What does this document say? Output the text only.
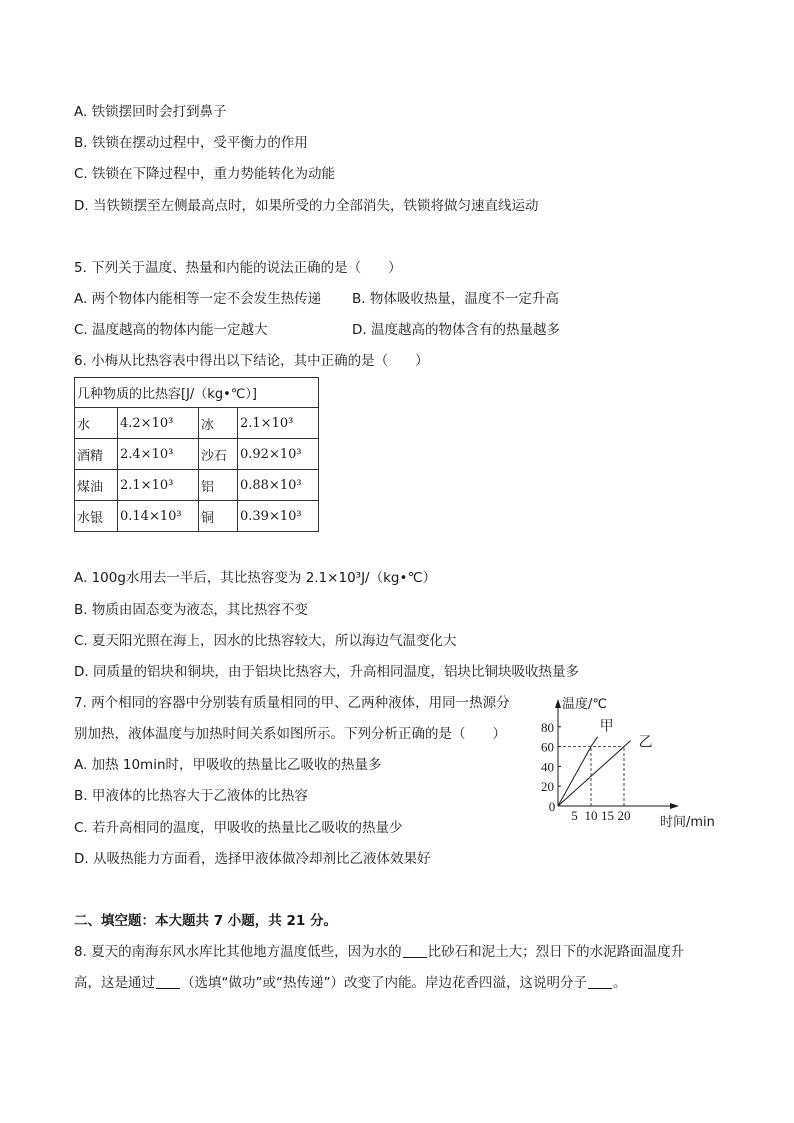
A. 铁锁摆回时会打到鼻子
B. 铁锁在摆动过程中，受平衡力的作用
C. 铁锁在下降过程中，重力势能转化为动能
D. 当铁锁摆至左侧最高点时，如果所受的力全部消失，铁锁将做匀速直线运动
5. 下列关于温度、热量和内能的说法正确的是（　　）
A. 两个物体内能相等一定不会发生热传递 B. 物体吸收热量，温度不一定升高
C. 温度越高的物体内能一定越大	D. 温度越高的物体含有的热量越多
6. 小梅从比热容表中得出以下结论，其中正确的是（　　）
几种物质的比热容[J/（kg•℃）]			
水	4.2×10³	冰	2.1×10³
酒精	2.4×10³	沙石	0.92×10³
煤油	2.1×10³	铝	0.88×10³
水银	0.14×10³	铜	0.39×10³
A. 100g水用去一半后，其比热容变为 2.1×10³J/（kg•℃）
B. 物质由固态变为液态，其比热容不变
C. 夏天阳光照在海上，因水的比热容较大，所以海边气温变化大
D. 同质量的铝块和铜块，由于铝块比热容大，升高相同温度，铝块比铜块吸收热量多
7. 两个相同的容器中分别装有质量相同的甲、乙两种液体，用同一热源分
别加热，液体温度与加热时间关系如图所示。下列分析正确的是（　　）
A. 加热 10min时，甲吸收的热量比乙吸收的热量多
B. 甲液体的比热容大于乙液体的比热容
C. 若升高相同的温度，甲吸收的热量比乙吸收的热量少
D. 从吸热能力方面看，选择甲液体做冷却剂比乙液体效果好
甲
乙
20
40
60
80
5 10 15 20
0
温度/℃
时间/min
二、填空题：本大题共 7 小题，共 21 分。
8. 夏天的南海东风水库比其他地方温度低些，因为水的 比砂石和泥土大；烈日下的水泥路面温度升
高，这是通过 （选填“做功”或“热传递”）改变了内能。岸边花香四溢，这说明分子 。
